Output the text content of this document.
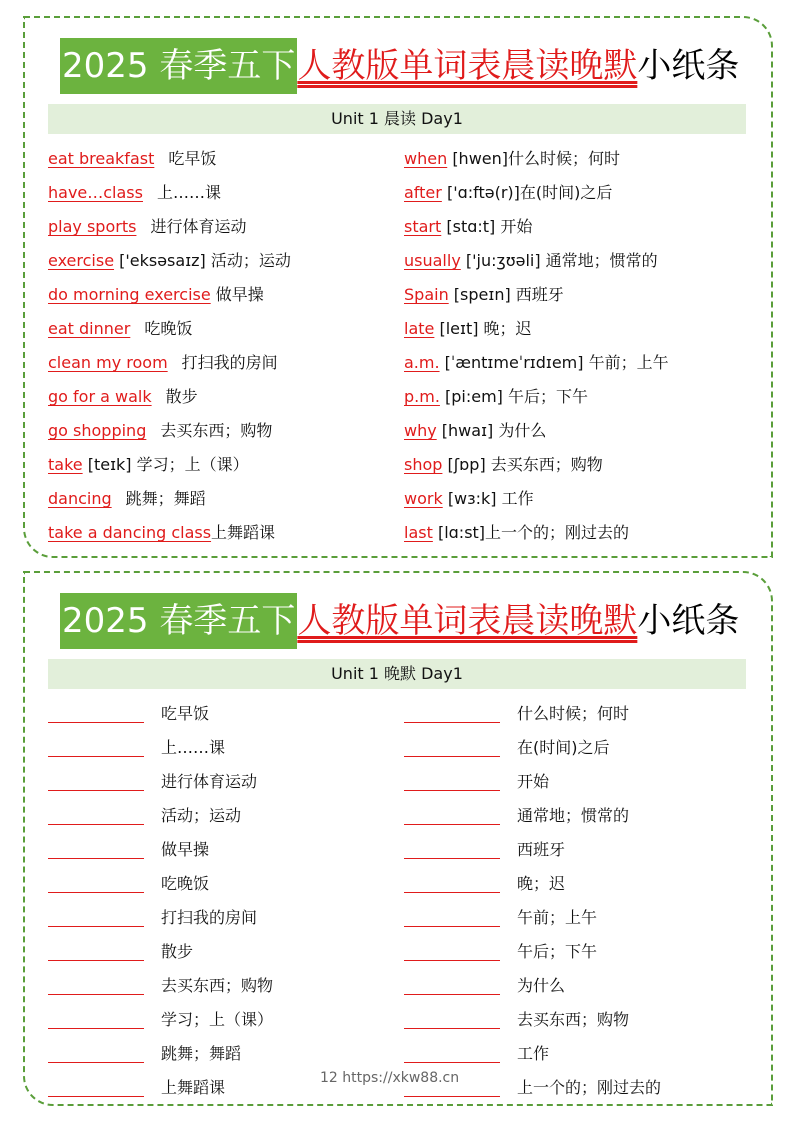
2025 春季五下人教版单词表晨读晚默小纸条
Unit 1 晨读 Day1
eat breakfast 吃早饭
have…class 上……课
play sports 进行体育运动
exercise ['eksəsaɪz] 活动；运动
do morning exercise 做早操
eat dinner 吃晚饭
clean my room 打扫我的房间
go for a walk 散步
go shopping 去买东西；购物
take [teɪk] 学习；上（课）
dancing 跳舞；舞蹈
take a dancing class上舞蹈课
when [hwen]什么时候；何时
after ['ɑ:ftə(r)]在(时间)之后
start [stɑ:t] 开始
usually ['ju:ʒʊəli] 通常地；惯常的
Spain [speɪn] 西班牙
late [leɪt] 晚；迟
a.m. [ˈæntɪmeˈrɪdɪem] 午前；上午
p.m. [pi:em] 午后；下午
why [hwaɪ] 为什么
shop [ʃɒp] 去买东西；购物
work [wɜ:k] 工作
last [lɑ:st]上一个的；刚过去的
2025 春季五下人教版单词表晨读晚默小纸条
Unit 1 晚默 Day1
吃早饭
上……课
进行体育运动
活动；运动
做早操
吃晚饭
打扫我的房间
散步
去买东西；购物
学习；上（课）
跳舞；舞蹈
上舞蹈课
什么时候；何时
在(时间)之后
开始
通常地；惯常的
西班牙
晚；迟
午前；上午
午后；下午
为什么
去买东西；购物
工作
上一个的；刚过去的
12 https://xkw88.cn
